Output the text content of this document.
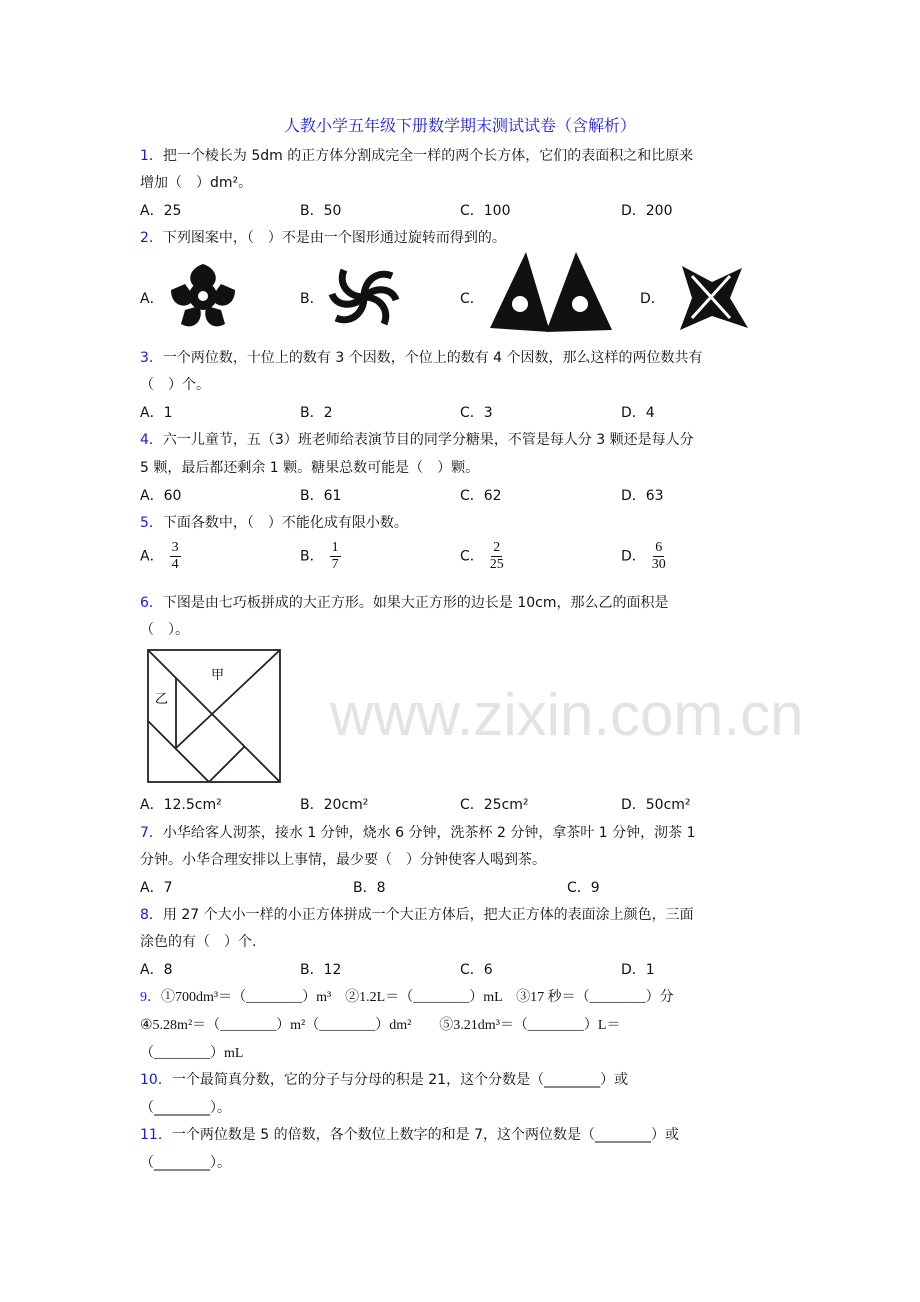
www.zixin.com.cn
人教小学五年级下册数学期末测试试卷（含解析）
1．把一个棱长为 5dm 的正方体分割成完全一样的两个长方体，它们的表面积之和比原来
增加（　）dm²。
A．25	B．50	C．100	D．200
2．下列图案中，（　）不是由一个图形通过旋转而得到的。
A．	B．	C．	D．
3．一个两位数，十位上的数有 3 个因数，个位上的数有 4 个因数，那么这样的两位数共有
（　）个。
A．1	B．2	C．3	D．4
4．六一儿童节，五（3）班老师给表演节目的同学分糖果，不管是每人分 3 颗还是每人分
5 颗，最后都还剩余 1 颗。糖果总数可能是（　）颗。
A．60	B．61	C．62	D．63
5．下面各数中，（　）不能化成有限小数。
A． $\frac{3}{4}$	B． $\frac{1}{7}$	C． $\frac{2}{25}$	D． $\frac{6}{30}$
6．下图是由七巧板拼成的大正方形。如果大正方形的边长是 10cm，那么乙的面积是
（　）。
甲
乙
A．12.5cm²	B．20cm²	C．25cm²	D．50cm²
7．小华给客人沏茶，接水 1 分钟，烧水 6 分钟，洗茶杯 2 分钟，拿茶叶 1 分钟，沏茶 1
分钟。小华合理安排以上事情，最少要（　）分钟使客人喝到茶。
A．7	B．8	C．9
8．用 27 个大小一样的小正方体拼成一个大正方体后，把大正方体的表面涂上颜色，三面
涂色的有（　）个.
A．8	B．12	C．6	D．1
9．①700dm³＝（________）m³　②1.2L＝（________）mL　③17 秒＝（________）分
④5.28m²＝（________）m²（________）dm²　　⑤3.21dm³＝（________）L＝
（________）mL
10．一个最简真分数，它的分子与分母的积是 21，这个分数是（________）或
（________）。
11．一个两位数是 5 的倍数，各个数位上数字的和是 7，这个两位数是（________）或
（________）。
